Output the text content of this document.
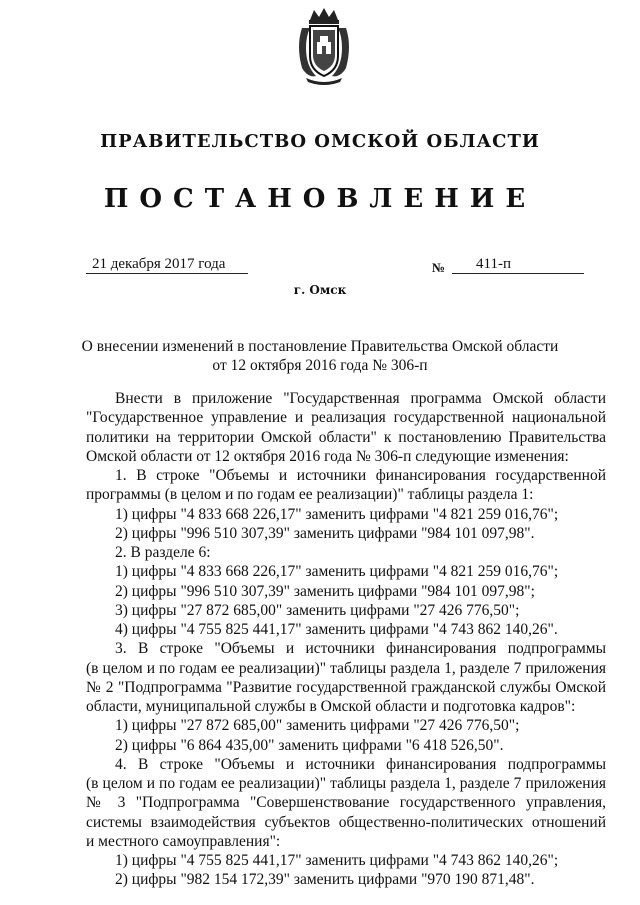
ПРАВИТЕЛЬСТВО ОМСКОЙ ОБЛАСТИ
ПОСТАНОВЛЕНИЕ
21 декабря 2017 года	№	411-п
г. Омск
О внесении изменений в постановление Правительства Омской области
от 12 октября 2016 года № 306-п
Внести в приложение "Государственная программа Омской области
"Государственное управление и реализация государственной национальной
политики на территории Омской области" к постановлению Правительства
Омской области от 12 октября 2016 года № 306-п следующие изменения:
1. В строке "Объемы и источники финансирования государственной
программы (в целом и по годам ее реализации)" таблицы раздела 1:
1) цифры "4 833 668 226,17" заменить цифрами "4 821 259 016,76";
2) цифры "996 510 307,39" заменить цифрами "984 101 097,98".
2. В разделе 6:
1) цифры "4 833 668 226,17" заменить цифрами "4 821 259 016,76";
2) цифры "996 510 307,39" заменить цифрами "984 101 097,98";
3) цифры "27 872 685,00" заменить цифрами "27 426 776,50";
4) цифры "4 755 825 441,17" заменить цифрами "4 743 862 140,26".
3. В строке "Объемы и источники финансирования подпрограммы
(в целом и по годам ее реализации)" таблицы раздела 1, разделе 7 приложения
№ 2 "Подпрограмма "Развитие государственной гражданской службы Омской
области, муниципальной службы в Омской области и подготовка кадров":
1) цифры "27 872 685,00" заменить цифрами "27 426 776,50";
2) цифры "6 864 435,00" заменить цифрами "6 418 526,50".
4. В строке "Объемы и источники финансирования подпрограммы
(в целом и по годам ее реализации)" таблицы раздела 1, разделе 7 приложения
№ 3 "Подпрограмма "Совершенствование государственного управления,
системы взаимодействия субъектов общественно-политических отношений
и местного самоуправления":
1) цифры "4 755 825 441,17" заменить цифрами "4 743 862 140,26";
2) цифры "982 154 172,39" заменить цифрами "970 190 871,48".
